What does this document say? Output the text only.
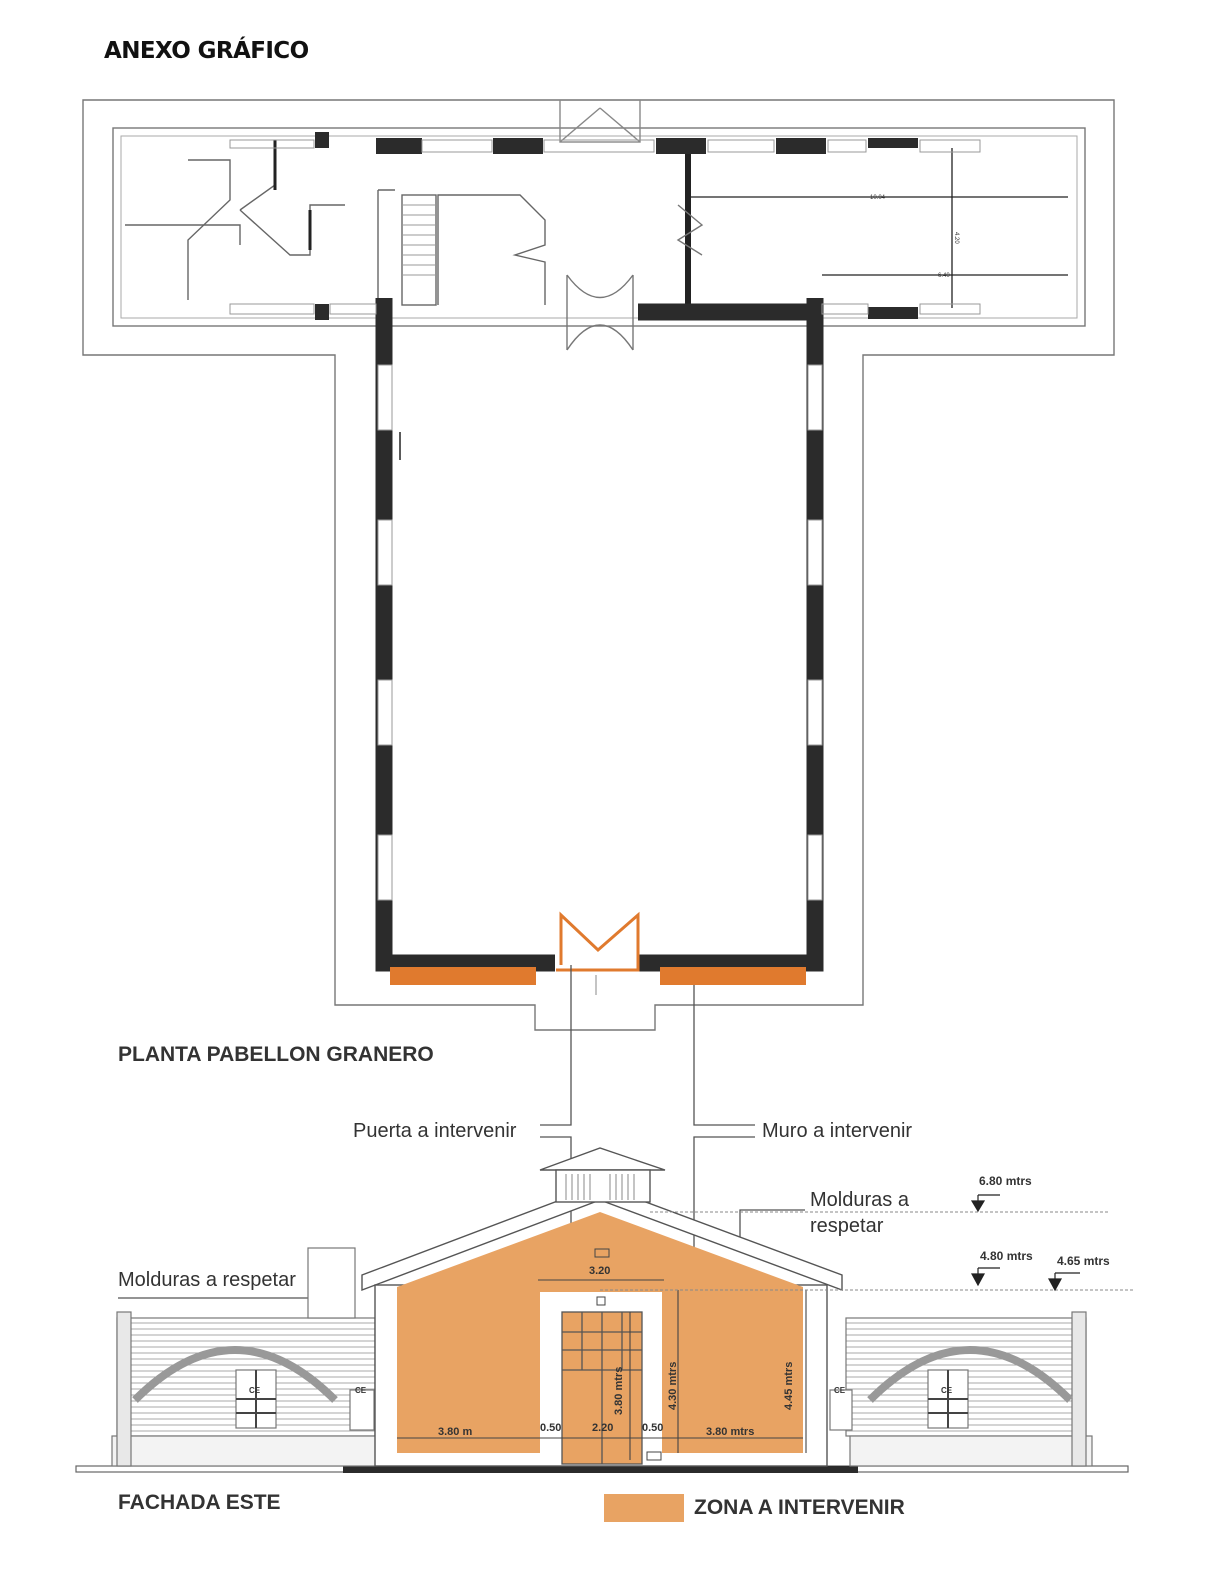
ANEXO GRÁFICO
10.04
4.20
6.40
3.20
3.80 m	0.50	2.20	0.50	3.80 mtrs
3.80 mtrs	4.30 mtrs	4.45 mtrs
CE	CE	CE	CE
PLANTA PABELLON GRANERO
Puerta a intervenir	Muro a intervenir
Molduras a respetar
Molduras a respetar
6.80 mtrs
4.80 mtrs 4.65 mtrs
FACHADA ESTE	ZONA A INTERVENIR
